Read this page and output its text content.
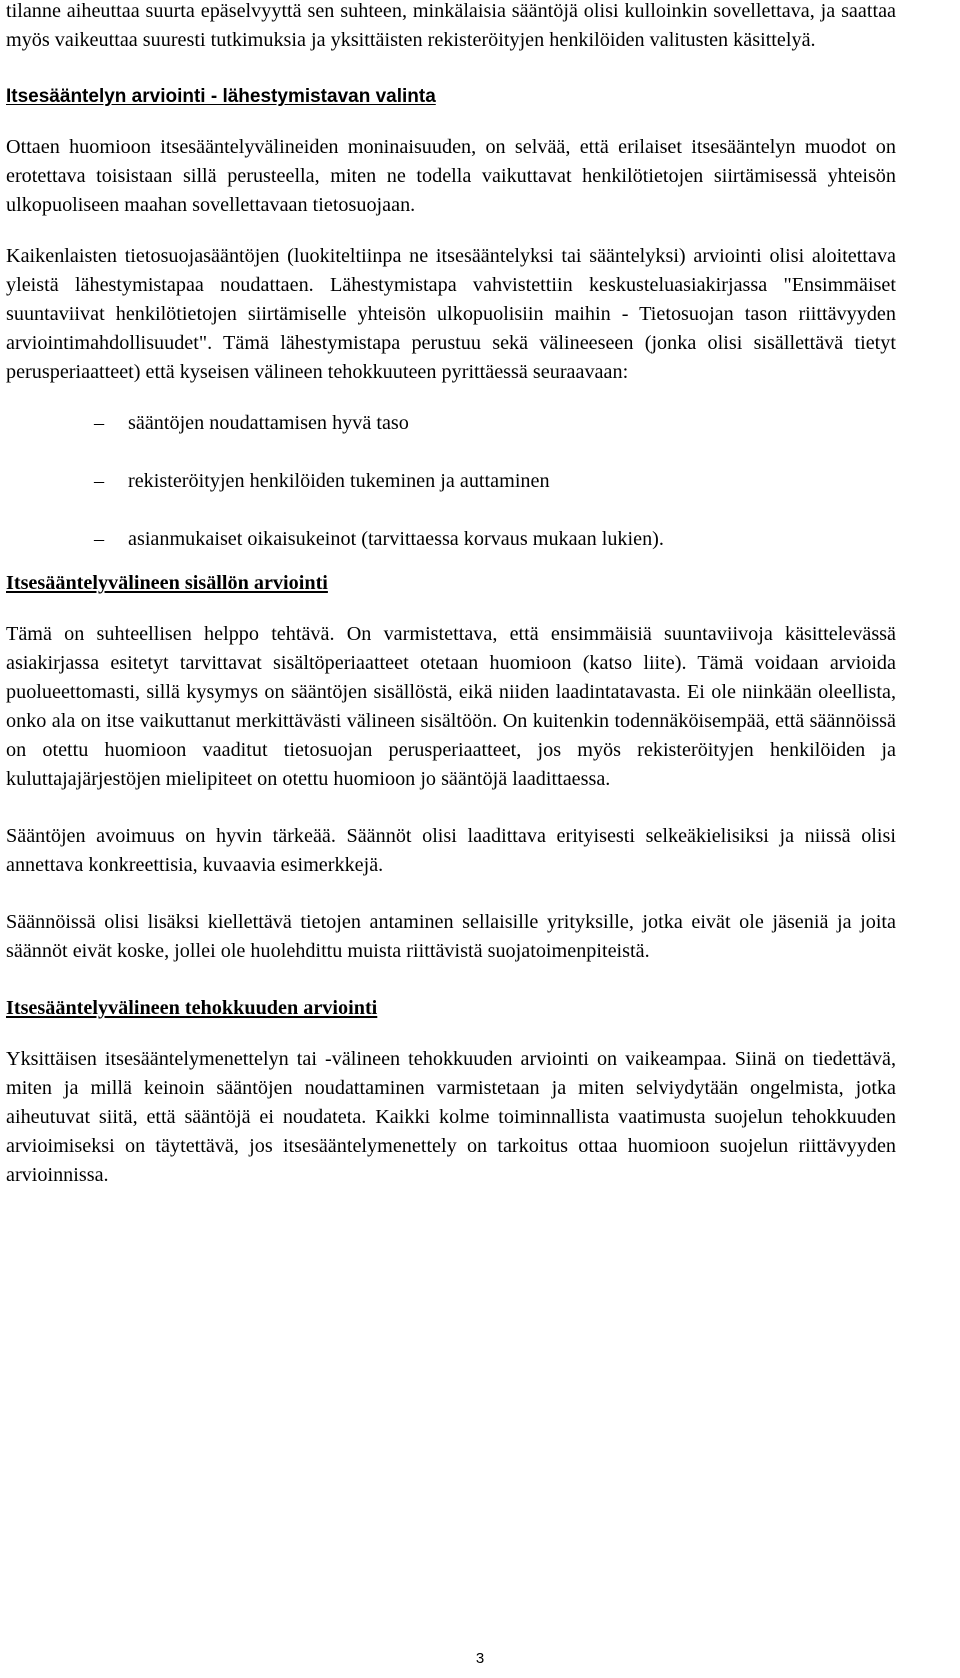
tilanne aiheuttaa suurta epäselvyyttä sen suhteen, minkälaisia sääntöjä olisi kulloinkin sovellettava, ja saattaa myös vaikeuttaa suuresti tutkimuksia ja yksittäisten rekisteröityjen henkilöiden valitusten käsittelyä.

Itsesääntelyn arviointi - lähestymistavan valinta

Ottaen huomioon itsesääntelyvälineiden moninaisuuden, on selvää, että erilaiset itsesääntelyn muodot on erotettava toisistaan sillä perusteella, miten ne todella vaikuttavat henkilötietojen siirtämisessä yhteisön ulkopuoliseen maahan sovellettavaan tietosuojaan.

Kaikenlaisten tietosuojasääntöjen (luokiteltiinpa ne itsesääntelyksi tai sääntelyksi) arviointi olisi aloitettava yleistä lähestymistapaa noudattaen. Lähestymistapa vahvistettiin keskusteluasiakirjassa "Ensimmäiset suuntaviivat henkilötietojen siirtämiselle yhteisön ulkopuolisiin maihin - Tietosuojan tason riittävyyden arviointimahdollisuudet". Tämä lähestymistapa perustuu sekä välineeseen (jonka olisi sisällettävä tietyt perusperiaatteet) että kyseisen välineen tehokkuuteen pyrittäessä seuraavaan:

– sääntöjen noudattamisen hyvä taso
– rekisteröityjen henkilöiden tukeminen ja auttaminen
– asianmukaiset oikaisukeinot (tarvittaessa korvaus mukaan lukien).
Itsesääntelyvälineen sisällön arviointi

Tämä on suhteellisen helppo tehtävä. On varmistettava, että ensimmäisiä suuntaviivoja käsittelevässä asiakirjassa esitetyt tarvittavat sisältöperiaatteet otetaan huomioon (katso liite). Tämä voidaan arvioida puolueettomasti, sillä kysymys on sääntöjen sisällöstä, eikä niiden laadintatavasta. Ei ole niinkään oleellista, onko ala on itse vaikuttanut merkittävästi välineen sisältöön. On kuitenkin todennäköisempää, että säännöissä on otettu huomioon vaaditut tietosuojan perusperiaatteet, jos myös rekisteröityjen henkilöiden ja kuluttajajärjestöjen mielipiteet on otettu huomioon jo sääntöjä laadittaessa.

Sääntöjen avoimuus on hyvin tärkeää. Säännöt olisi laadittava erityisesti selkeäkielisiksi ja niissä olisi annettava konkreettisia, kuvaavia esimerkkejä.

Säännöissä olisi lisäksi kiellettävä tietojen antaminen sellaisille yrityksille, jotka eivät ole jäseniä ja joita säännöt eivät koske, jollei ole huolehdittu muista riittävistä suojatoimenpiteistä.

Itsesääntelyvälineen tehokkuuden arviointi

Yksittäisen itsesääntelymenettelyn tai -välineen tehokkuuden arviointi on vaikeampaa. Siinä on tiedettävä, miten ja millä keinoin sääntöjen noudattaminen varmistetaan ja miten selviydytään ongelmista, jotka aiheutuvat siitä, että sääntöjä ei noudateta. Kaikki kolme toiminnallista vaatimusta suojelun tehokkuuden arvioimiseksi on täytettävä, jos itsesääntelymenettely on tarkoitus ottaa huomioon suojelun riittävyyden arvioinnissa.

3
